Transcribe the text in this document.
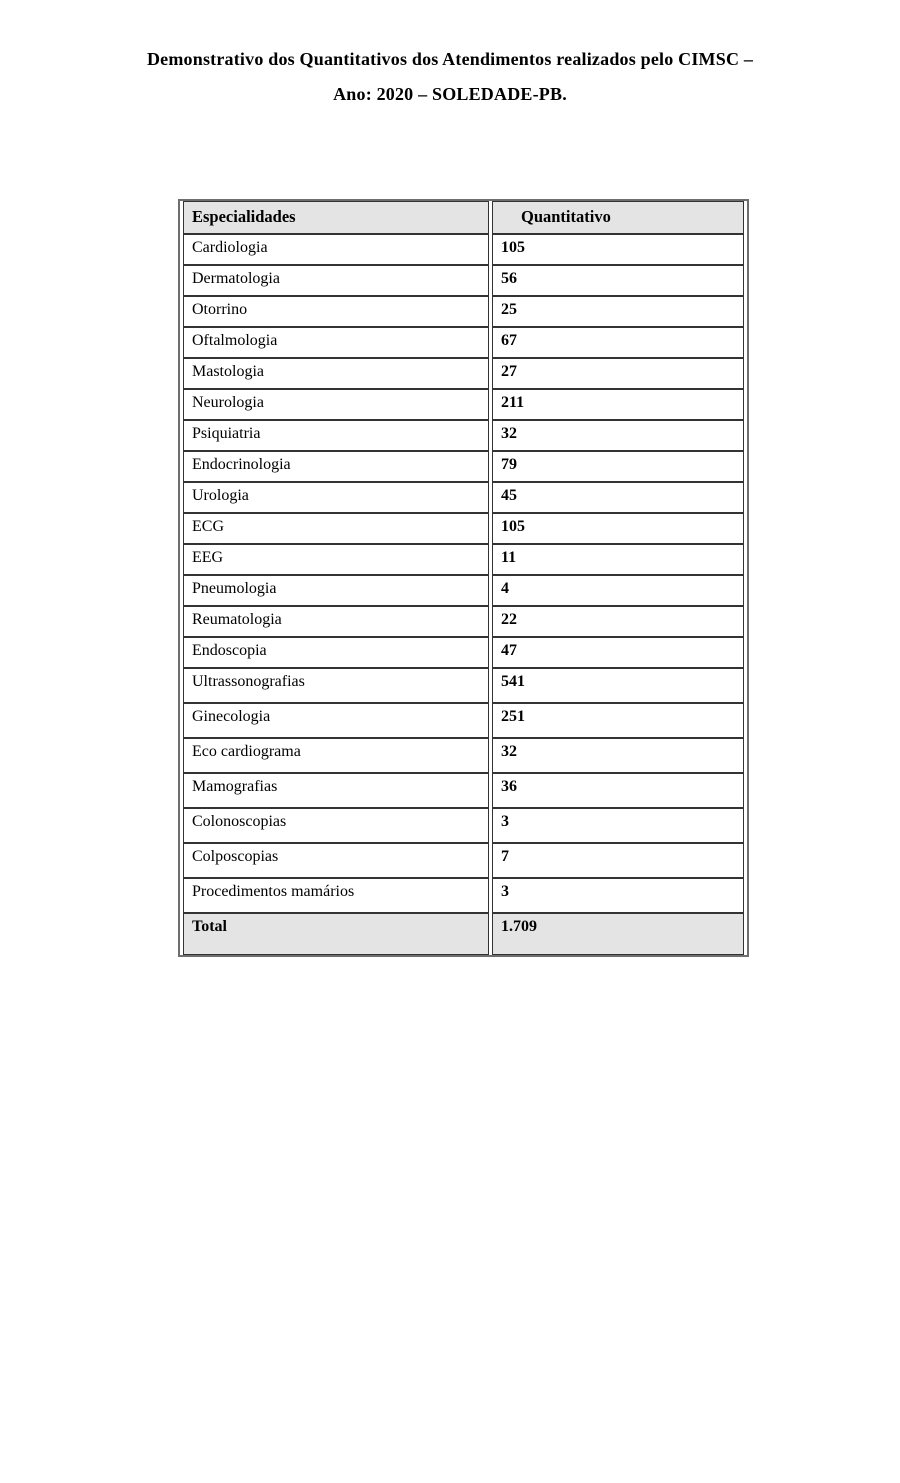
Demonstrativo dos Quantitativos dos Atendimentos realizados pelo CIMSC –
Ano: 2020 – SOLEDADE-PB.
Especialidades	Quantitativo
Cardiologia	105
Dermatologia	56
Otorrino	25
Oftalmologia	67
Mastologia	27
Neurologia	211
Psiquiatria	32
Endocrinologia	79
Urologia	45
ECG	105
EEG	11
Pneumologia	4
Reumatologia	22
Endoscopia	47
Ultrassonografias	541
Ginecologia	251
Eco cardiograma	32
Mamografias	36
Colonoscopias	3
Colposcopias	7
Procedimentos mamários	3
Total	1.709
